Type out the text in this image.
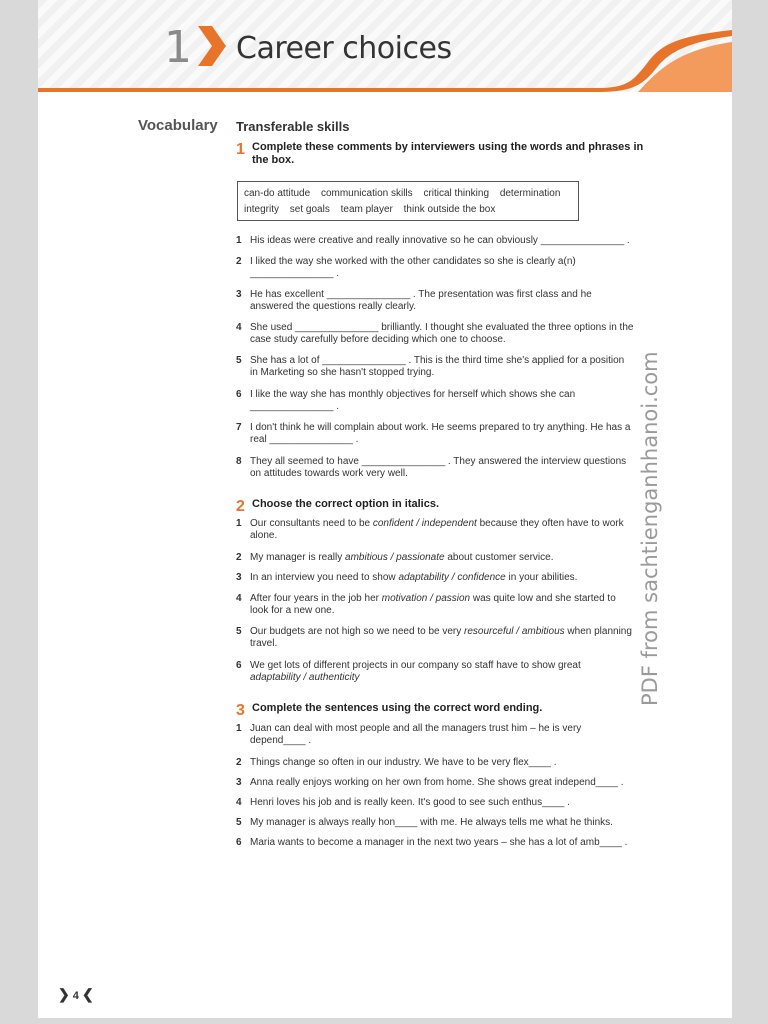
1 Career choices
Vocabulary Transferable skills
1 Complete these comments by interviewers using the words and phrases in the box.
can-do attitude communication skills critical thinking determination
integrity set goals team player think outside the box
1 His ideas were creative and really innovative so he can obviously _______________ .
2 I liked the way she worked with the other candidates so she is clearly a(n) _______________ .
3 He has excellent _______________ . The presentation was first class and he answered the questions really clearly.
4 She used _______________ brilliantly. I thought she evaluated the three options in the case study carefully before deciding which one to choose.
5 She has a lot of _______________ . This is the third time she's applied for a position in Marketing so she hasn't stopped trying.
6 I like the way she has monthly objectives for herself which shows she can _______________ .
7 I don't think he will complain about work. He seems prepared to try anything. He has a real _______________ .
8 They all seemed to have _______________ . They answered the interview questions on attitudes towards work very well.
2 Choose the correct option in italics.
1 Our consultants need to be confident / independent because they often have to work alone.
2 My manager is really ambitious / passionate about customer service.
3 In an interview you need to show adaptability / confidence in your abilities.
4 After four years in the job her motivation / passion was quite low and she started to look for a new one.
5 Our budgets are not high so we need to be very resourceful / ambitious when planning travel.
6 We get lots of different projects in our company so staff have to show great adaptability / authenticity
3 Complete the sentences using the correct word ending.
1 Juan can deal with most people and all the managers trust him – he is very depend____ .
2 Things change so often in our industry. We have to be very flex____ .
3 Anna really enjoys working on her own from home. She shows great independ____ .
4 Henri loves his job and is really keen. It's good to see such enthus____ .
5 My manager is always really hon____ with me. He always tells me what he thinks.
6 Maria wants to become a manager in the next two years – she has a lot of amb____ .
PDF from sachtienganhhanoi.com
❯ 4 ❮
